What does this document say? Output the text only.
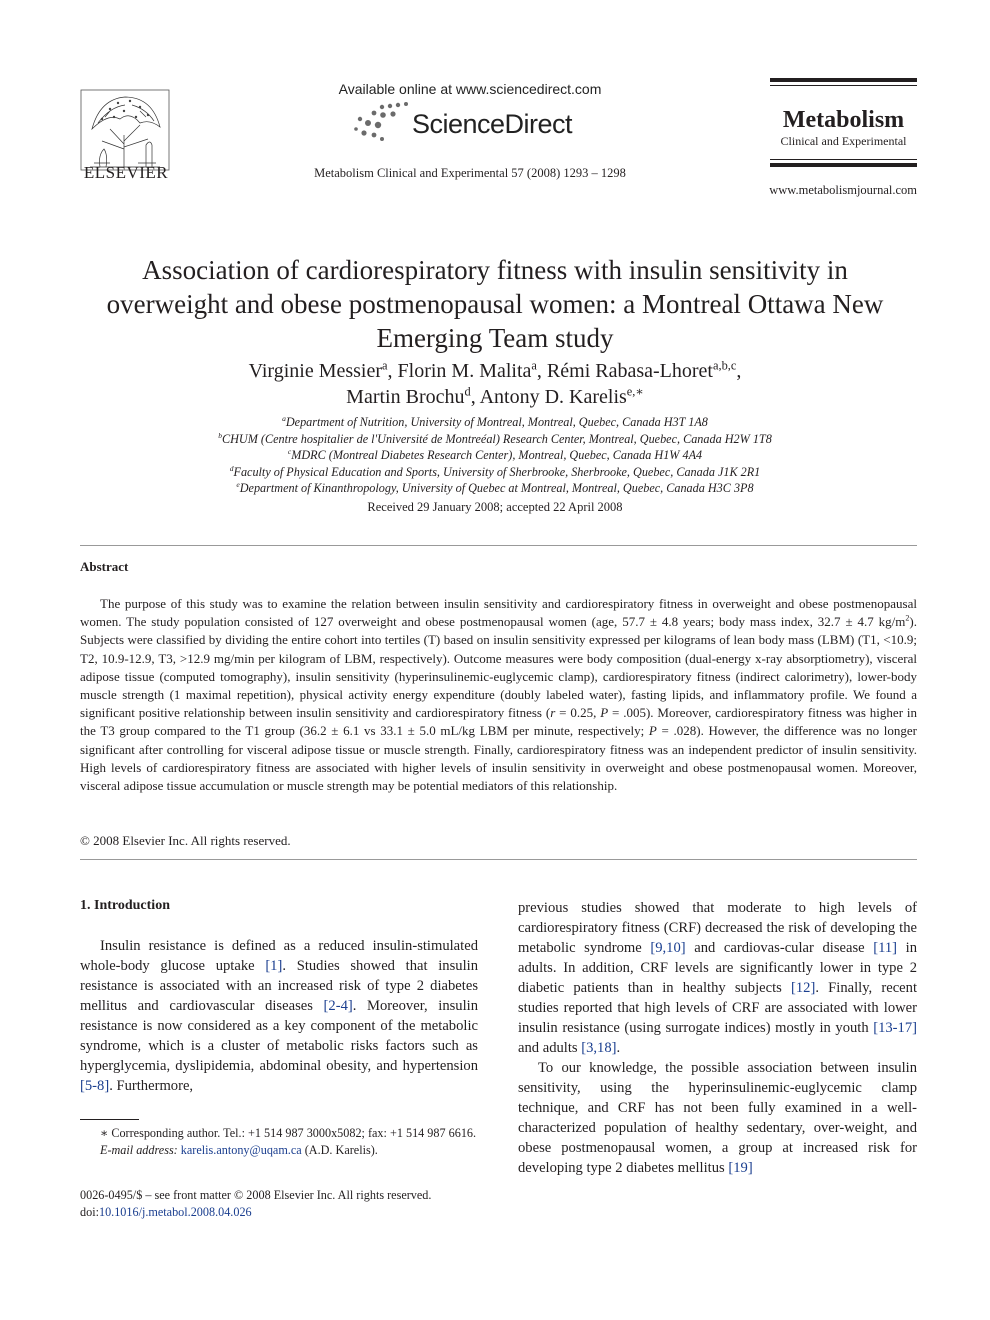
ELSEVIER
Available online at www.sciencedirect.com
ScienceDirect
Metabolism Clinical and Experimental 57 (2008) 1293 – 1298
Metabolism
Clinical and Experimental
www.metabolismjournal.com
Association of cardiorespiratory fitness with insulin sensitivity in overweight and obese postmenopausal women: a Montreal Ottawa New Emerging Team study
Virginie Messier$^a$, Florin M. Malita$^a$, Rémi Rabasa-Lhoret$^{a,b,c}$,
Martin Brochu$^d$, Antony D. Karelis$^{e,∗}$
$^a$Department of Nutrition, University of Montreal, Montreal, Quebec, Canada H3T 1A8
$^b$CHUM (Centre hospitalier de l'Université de Montreéal) Research Center, Montreal, Quebec, Canada H2W 1T8
$^c$MDRC (Montreal Diabetes Research Center), Montreal, Quebec, Canada H1W 4A4
$^d$Faculty of Physical Education and Sports, University of Sherbrooke, Sherbrooke, Quebec, Canada J1K 2R1
$^e$Department of Kinanthropology, University of Quebec at Montreal, Montreal, Quebec, Canada H3C 3P8
Received 29 January 2008; accepted 22 April 2008
Abstract
The purpose of this study was to examine the relation between insulin sensitivity and cardiorespiratory fitness in overweight and obese postmenopausal women. The study population consisted of 127 overweight and obese postmenopausal women (age, 57.7 ± 4.8 years; body mass index, 32.7 ± 4.7 $kg/m^2$). Subjects were classified by dividing the entire cohort into tertiles (T) based on insulin sensitivity expressed per kilograms of lean body mass (LBM) (T1, <10.9; T2, 10.9-12.9, T3, >12.9 mg/min per kilogram of LBM, respectively). Outcome measures were body composition (dual-energy x-ray absorptiometry), visceral adipose tissue (computed tomography), insulin sensitivity (hyperinsulinemic-euglycemic clamp), cardiorespiratory fitness (indirect calorimetry), lower-body muscle strength (1 maximal repetition), physical activity energy expenditure (doubly labeled water), fasting lipids, and inflammatory profile. We found a significant positive relationship between insulin sensitivity and cardiorespiratory fitness (r = 0.25, P = .005). Moreover, cardiorespiratory fitness was higher in the T3 group compared to the T1 group (36.2 ± 6.1 vs 33.1 ± 5.0 mL/kg LBM per minute, respectively; P = .028). However, the difference was no longer significant after controlling for visceral adipose tissue or muscle strength. Finally, cardiorespiratory fitness was an independent predictor of insulin sensitivity. High levels of cardiorespiratory fitness are associated with higher levels of insulin sensitivity in overweight and obese postmenopausal women. Moreover, visceral adipose tissue accumulation or muscle strength may be potential mediators of this relationship.
© 2008 Elsevier Inc. All rights reserved.
1. Introduction
Insulin resistance is defined as a reduced insulin-stimulated whole-body glucose uptake [1]. Studies showed that insulin resistance is associated with an increased risk of type 2 diabetes mellitus and cardiovascular diseases [2-4]. Moreover, insulin resistance is now considered as a key component of the metabolic syndrome, which is a cluster of metabolic risks factors such as hyperglycemia, dyslipidemia, abdominal obesity, and hypertension [5-8]. Furthermore,

previous studies showed that moderate to high levels of cardiorespiratory fitness (CRF) decreased the risk of developing the metabolic syndrome [9,10] and cardiovas-cular disease [11] in adults. In addition, CRF levels are significantly lower in type 2 diabetic patients than in healthy subjects [12]. Finally, recent studies reported that high levels of CRF are associated with lower insulin resistance (using surrogate indices) mostly in youth [13-17] and adults [3,18].

To our knowledge, the possible association between insulin sensitivity, using the hyperinsulinemic-euglycemic clamp technique, and CRF has not been fully examined in a well-characterized population of healthy sedentary, over-weight, and obese postmenopausal women, a group at increased risk for developing type 2 diabetes mellitus [19]

∗ Corresponding author. Tel.: +1 514 987 3000x5082; fax: +1 514 987 6616.
E-mail address: karelis.antony@uqam.ca (A.D. Karelis).
0026-0495/$ – see front matter © 2008 Elsevier Inc. All rights reserved.
doi:10.1016/j.metabol.2008.04.026
